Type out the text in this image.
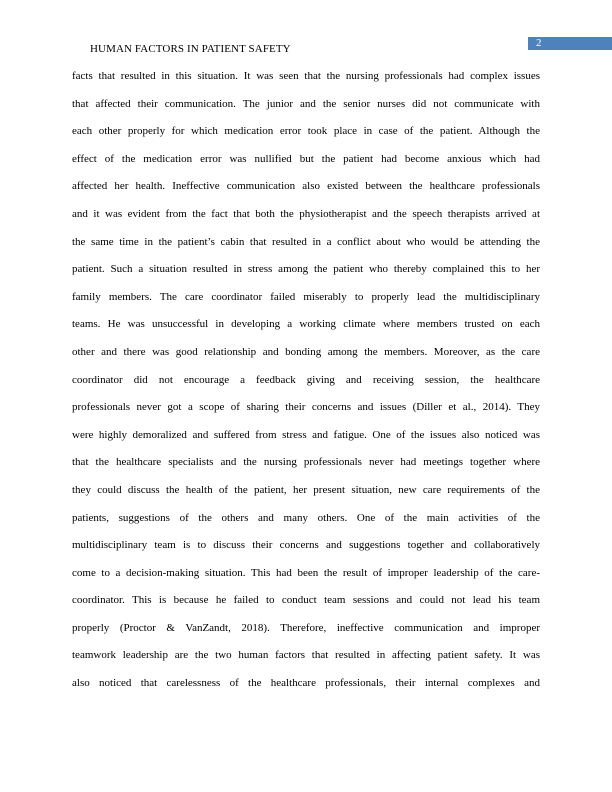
2
HUMAN FACTORS IN PATIENT SAFETY
facts that resulted in this situation. It was seen that the nursing professionals had complex issues
that affected their communication. The junior and the senior nurses did not communicate with
each other properly for which medication error took place in case of the patient. Although the
effect of the medication error was nullified but the patient had become anxious which had
affected her health. Ineffective communication also existed between the healthcare professionals
and it was evident from the fact that both the physiotherapist and the speech therapists arrived at
the same time in the patient’s cabin that resulted in a conflict about who would be attending the
patient. Such a situation resulted in stress among the patient who thereby complained this to her
family members. The care coordinator failed miserably to properly lead the multidisciplinary
teams. He was unsuccessful in developing a working climate where members trusted on each
other and there was good relationship and bonding among the members. Moreover, as the care
coordinator did not encourage a feedback giving and receiving session, the healthcare
professionals never got a scope of sharing their concerns and issues (Diller et al., 2014). They
were highly demoralized and suffered from stress and fatigue. One of the issues also noticed was
that the healthcare specialists and the nursing professionals never had meetings together where
they could discuss the health of the patient, her present situation, new care requirements of the
patients, suggestions of the others and many others. One of the main activities of the
multidisciplinary team is to discuss their concerns and suggestions together and collaboratively
come to a decision-making situation. This had been the result of improper leadership of the care-
coordinator. This is because he failed to conduct team sessions and could not lead his team
properly (Proctor & VanZandt, 2018). Therefore, ineffective communication and improper
teamwork leadership are the two human factors that resulted in affecting patient safety. It was
also noticed that carelessness of the healthcare professionals, their internal complexes and
